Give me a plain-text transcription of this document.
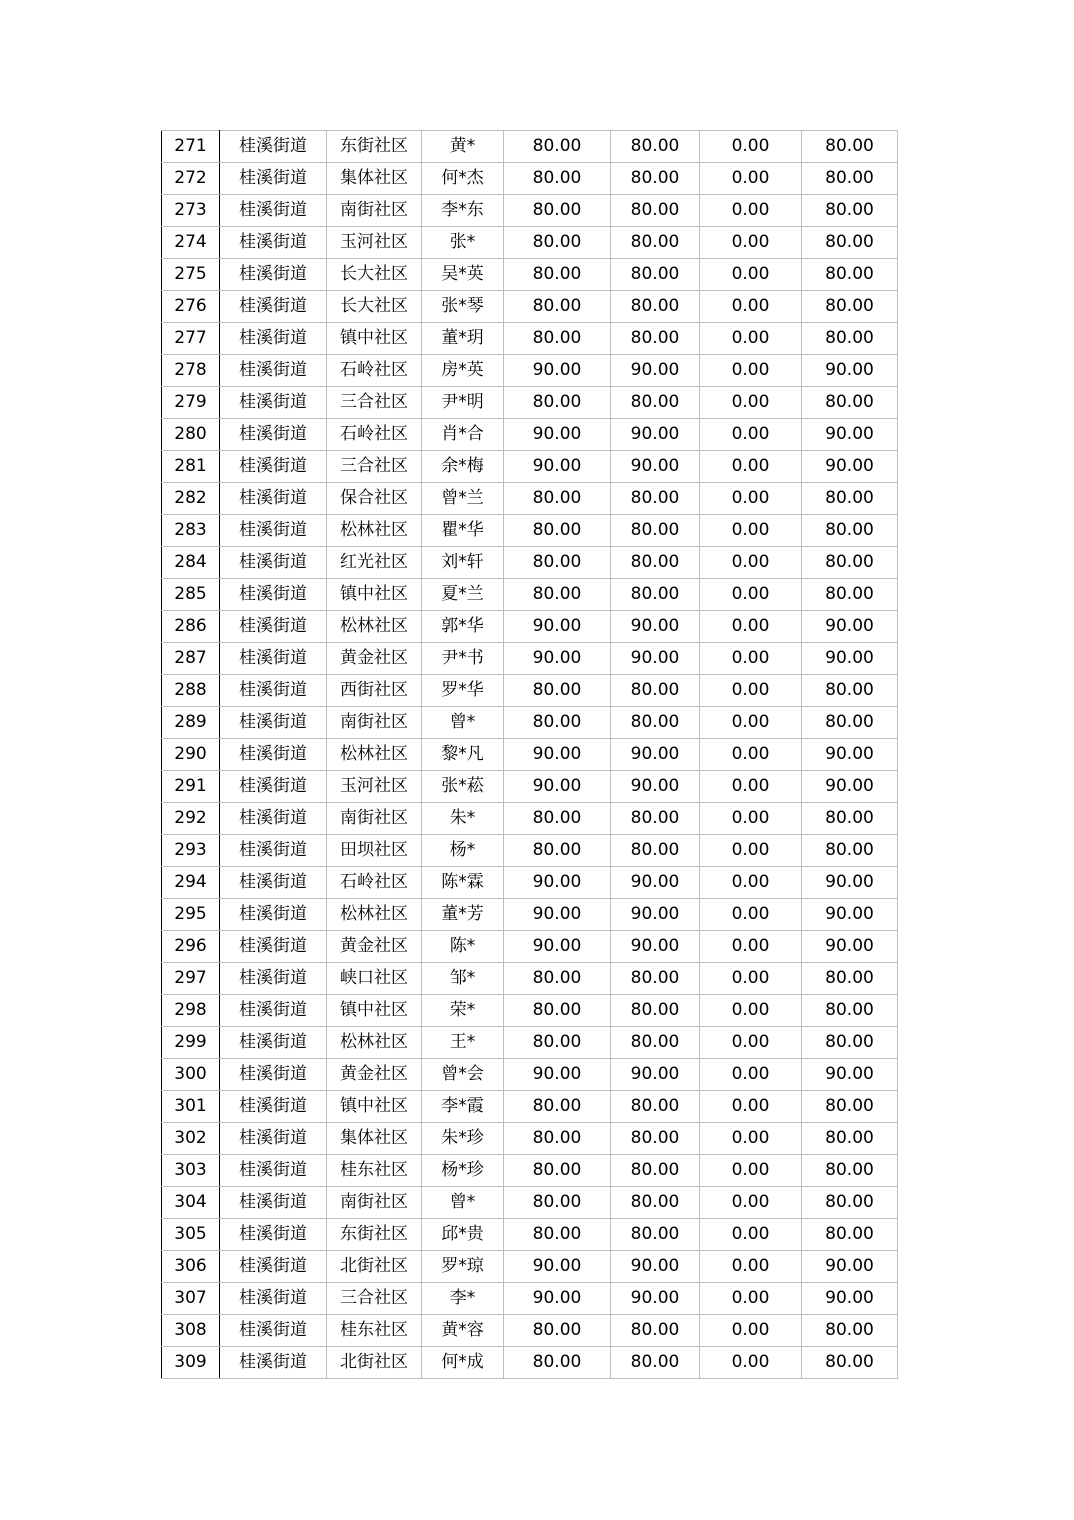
271	桂溪街道	东街社区	黄*	80.00	80.00	0.00	80.00
272	桂溪街道	集体社区	何*杰	80.00	80.00	0.00	80.00
273	桂溪街道	南街社区	李*东	80.00	80.00	0.00	80.00
274	桂溪街道	玉河社区	张*	80.00	80.00	0.00	80.00
275	桂溪街道	长大社区	吴*英	80.00	80.00	0.00	80.00
276	桂溪街道	长大社区	张*琴	80.00	80.00	0.00	80.00
277	桂溪街道	镇中社区	董*玥	80.00	80.00	0.00	80.00
278	桂溪街道	石岭社区	房*英	90.00	90.00	0.00	90.00
279	桂溪街道	三合社区	尹*明	80.00	80.00	0.00	80.00
280	桂溪街道	石岭社区	肖*合	90.00	90.00	0.00	90.00
281	桂溪街道	三合社区	余*梅	90.00	90.00	0.00	90.00
282	桂溪街道	保合社区	曾*兰	80.00	80.00	0.00	80.00
283	桂溪街道	松林社区	瞿*华	80.00	80.00	0.00	80.00
284	桂溪街道	红光社区	刘*轩	80.00	80.00	0.00	80.00
285	桂溪街道	镇中社区	夏*兰	80.00	80.00	0.00	80.00
286	桂溪街道	松林社区	郭*华	90.00	90.00	0.00	90.00
287	桂溪街道	黄金社区	尹*书	90.00	90.00	0.00	90.00
288	桂溪街道	西街社区	罗*华	80.00	80.00	0.00	80.00
289	桂溪街道	南街社区	曾*	80.00	80.00	0.00	80.00
290	桂溪街道	松林社区	黎*凡	90.00	90.00	0.00	90.00
291	桂溪街道	玉河社区	张*菘	90.00	90.00	0.00	90.00
292	桂溪街道	南街社区	朱*	80.00	80.00	0.00	80.00
293	桂溪街道	田坝社区	杨*	80.00	80.00	0.00	80.00
294	桂溪街道	石岭社区	陈*霖	90.00	90.00	0.00	90.00
295	桂溪街道	松林社区	董*芳	90.00	90.00	0.00	90.00
296	桂溪街道	黄金社区	陈*	90.00	90.00	0.00	90.00
297	桂溪街道	峡口社区	邹*	80.00	80.00	0.00	80.00
298	桂溪街道	镇中社区	荣*	80.00	80.00	0.00	80.00
299	桂溪街道	松林社区	王*	80.00	80.00	0.00	80.00
300	桂溪街道	黄金社区	曾*会	90.00	90.00	0.00	90.00
301	桂溪街道	镇中社区	李*霞	80.00	80.00	0.00	80.00
302	桂溪街道	集体社区	朱*珍	80.00	80.00	0.00	80.00
303	桂溪街道	桂东社区	杨*珍	80.00	80.00	0.00	80.00
304	桂溪街道	南街社区	曾*	80.00	80.00	0.00	80.00
305	桂溪街道	东街社区	邱*贵	80.00	80.00	0.00	80.00
306	桂溪街道	北街社区	罗*琼	90.00	90.00	0.00	90.00
307	桂溪街道	三合社区	李*	90.00	90.00	0.00	90.00
308	桂溪街道	桂东社区	黄*容	80.00	80.00	0.00	80.00
309	桂溪街道	北街社区	何*成	80.00	80.00	0.00	80.00
